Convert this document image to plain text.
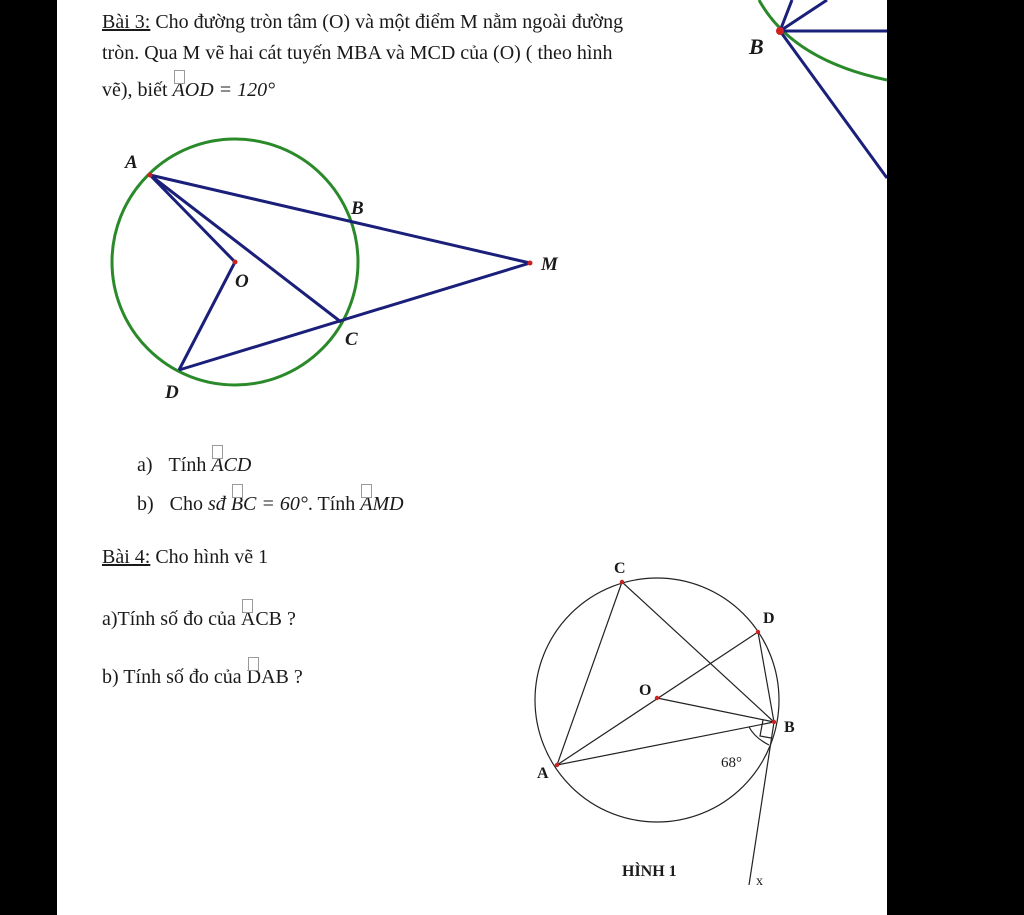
Bài 3: Cho đường tròn tâm (O) và một điểm M nằm ngoài đường
tròn. Qua M vẽ hai cát tuyến MBA và MCD của (O) ( theo hình
vẽ), biết AOD = 120°
A
B
M
O
C
D
B
a) Tính ACD
b) Cho sđ BC = 60°. Tính AMD
Bài 4: Cho hình vẽ 1
a)Tính số đo của ACB ?
b) Tính số đo của DAB ?
C
D
O
B
A
HÌNH 1
68°
x
